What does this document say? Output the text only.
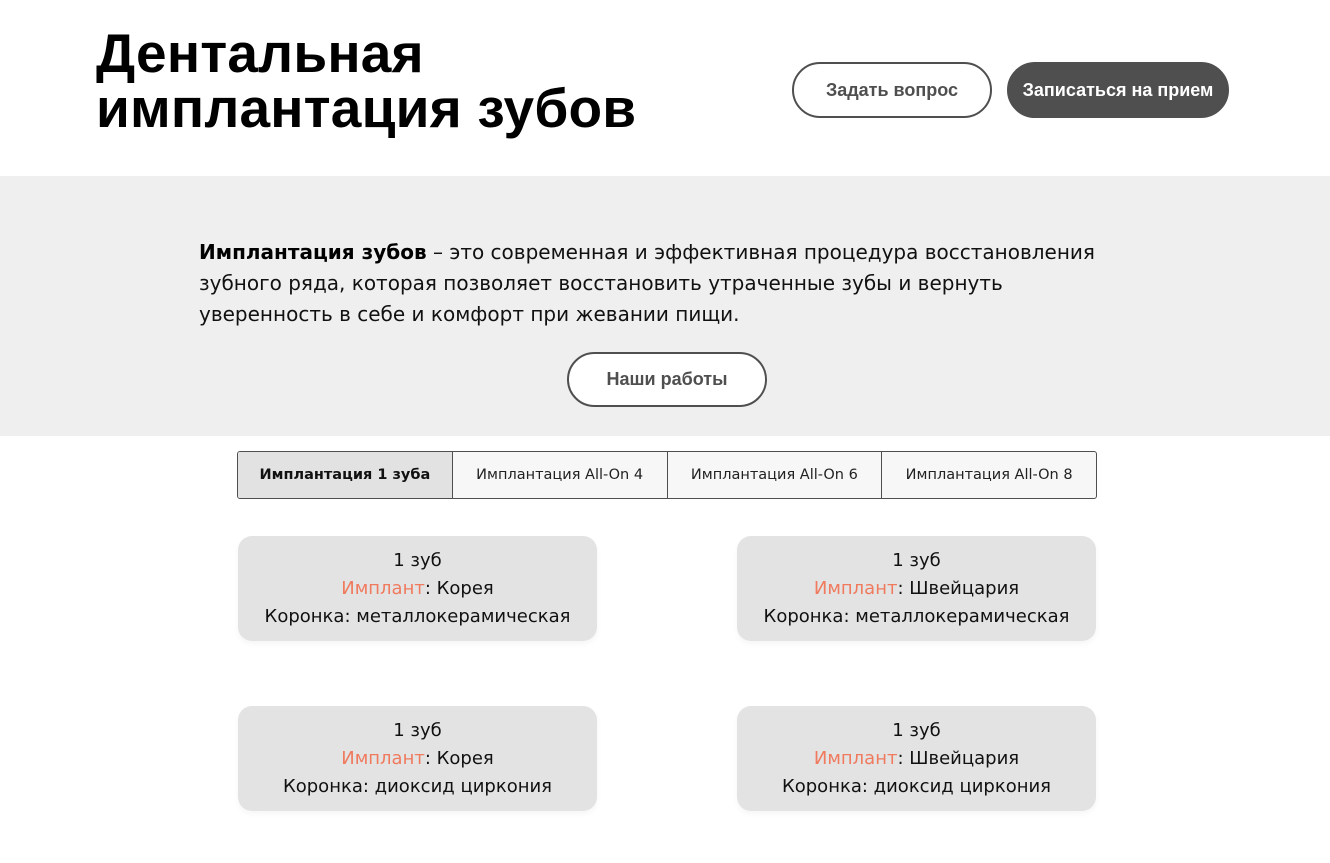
Дентальная
имплантация зубов	Задать вопрос	Записаться на прием

Имплантация зубов – это современная и эффективная процедура восстановления зубного ряда, которая позволяет восстановить утраченные зубы и вернуть уверенность в себе и комфорт при жевании пищи.

Наши работы
Имплантация 1 зуба	Имплантация All-On 4	Имплантация All-On 6	Имплантация All-On 8
1 зуб
Имплант: Корея
Коронка: металлокерамическая
1 зуб
Имплант: Швейцария
Коронка: металлокерамическая
1 зуб
Имплант: Корея
Коронка: диоксид циркония
1 зуб
Имплант: Швейцария
Коронка: диоксид циркония
